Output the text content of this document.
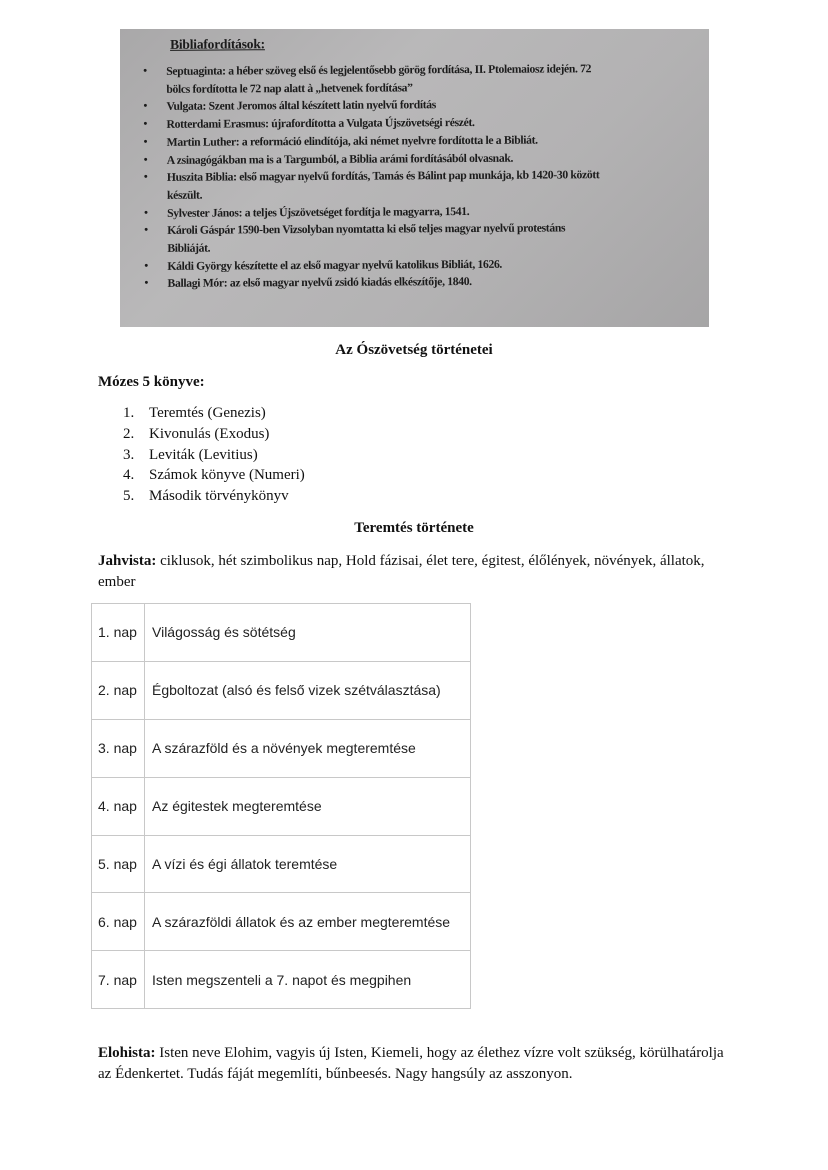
Bibliafordítások:
• Septuaginta: a héber szöveg első és legjelentősebb görög fordítása, II. Ptolemaiosz idején. 72
bölcs fordította le 72 nap alatt à „hetvenek fordítása”
• Vulgata: Szent Jeromos által készített latin nyelvű fordítás
• Rotterdami Erasmus: újrafordította a Vulgata Újszövetségi részét.
• Martin Luther: a reformáció elindítója, aki német nyelvre fordította le a Bibliát.
• A zsinagógákban ma is a Targumból, a Biblia arámi fordításából olvasnak.
• Huszita Biblia: első magyar nyelvű fordítás, Tamás és Bálint pap munkája, kb 1420-30 között
készült.
• Sylvester János: a teljes Újszövetséget fordítja le magyarra, 1541.
• Károli Gáspár 1590-ben Vizsolyban nyomtatta ki első teljes magyar nyelvű protestáns
Bibliáját.
• Káldi György készítette el az első magyar nyelvű katolikus Bibliát, 1626.
• Ballagi Mór: az első magyar nyelvű zsidó kiadás elkészítője, 1840.
Az Ószövetség történetei
Mózes 5 könyve:
1. Teremtés (Genezis)
2. Kivonulás (Exodus)
3. Leviták (Levitius)
4. Számok könyve (Numeri)
5. Második törvénykönyv
Teremtés története
Jahvista: ciklusok, hét szimbolikus nap, Hold fázisai, élet tere, égitest, élőlények, növények, állatok, ember
1. nap	Világosság és sötétség
2. nap	Égboltozat (alsó és felső vizek szétválasztása)
3. nap	A szárazföld és a növények megteremtése
4. nap	Az égitestek megteremtése
5. nap	A vízi és égi állatok teremtése
6. nap	A szárazföldi állatok és az ember megteremtése
7. nap	Isten megszenteli a 7. napot és megpihen
Elohista: Isten neve Elohim, vagyis új Isten, Kiemeli, hogy az élethez vízre volt szükség, körülhatárolja az Édenkertet. Tudás fáját megemlíti, bűnbeesés. Nagy hangsúly az asszonyon.
